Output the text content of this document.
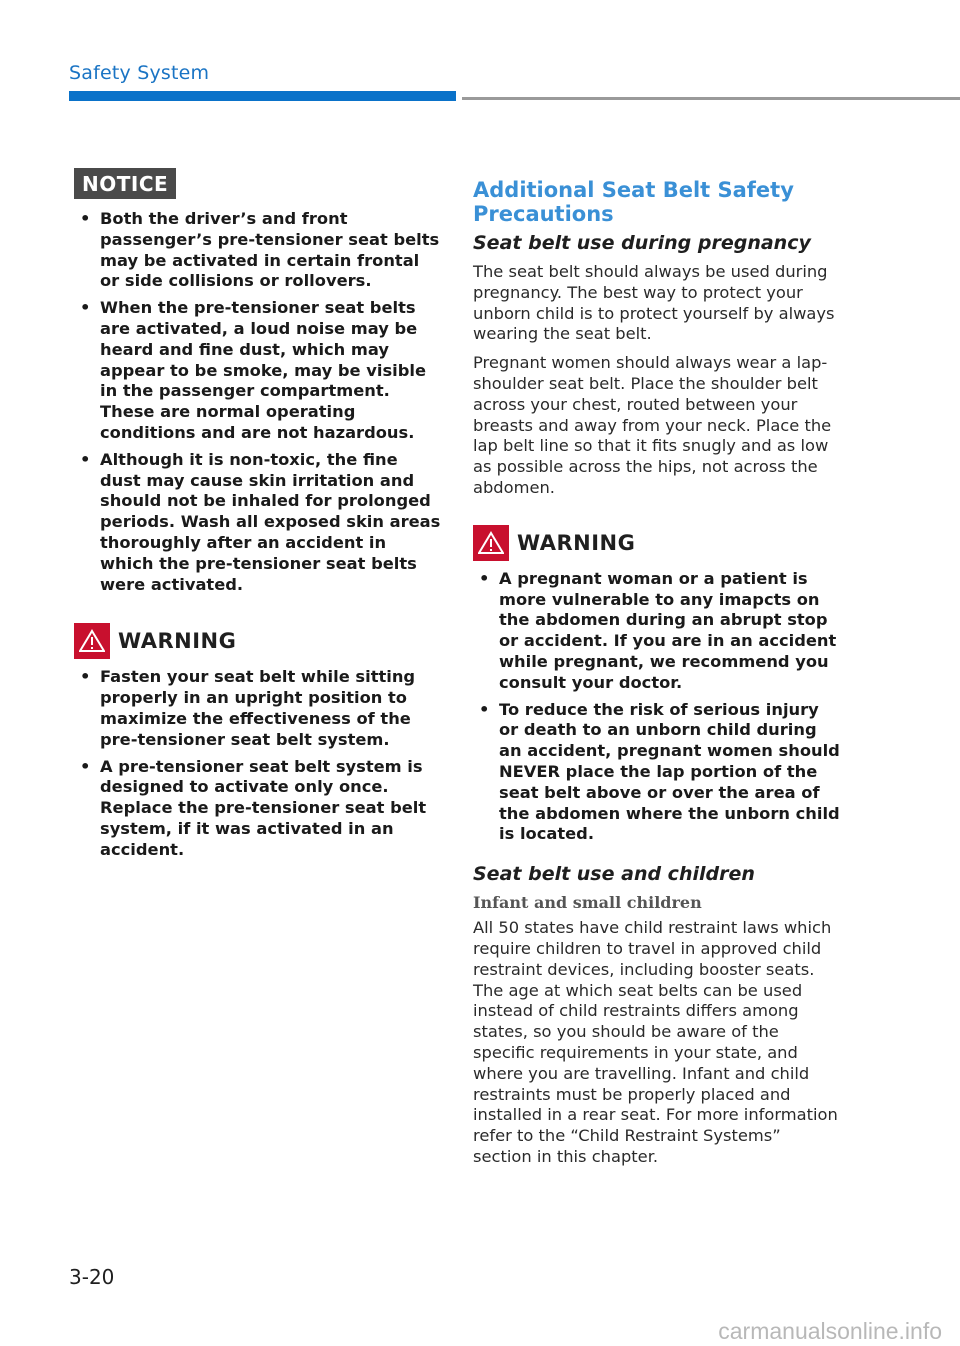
Safety System
NOTICE
• Both the driver’s and front passenger’s pre-tensioner seat belts may be activated in certain frontal or side collisions or rollovers.
• When the pre-tensioner seat belts are activated, a loud noise may be heard and fine dust, which may appear to be smoke, may be visible in the passenger compartment. These are normal operating conditions and are not hazardous.
• Although it is non-toxic, the fine dust may cause skin irritation and should not be inhaled for prolonged periods. Wash all exposed skin areas thoroughly after an accident in which the pre-tensioner seat belts were activated.
WARNING
• Fasten your seat belt while sitting properly in an upright position to maximize the effectiveness of the pre-tensioner seat belt system.
• A pre-tensioner seat belt system is designed to activate only once. Replace the pre-tensioner seat belt system, if it was activated in an accident.
Additional Seat Belt Safety Precautions
Seat belt use during pregnancy

The seat belt should always be used during pregnancy. The best way to protect your unborn child is to protect yourself by always wearing the seat belt.

Pregnant women should always wear a lap-shoulder seat belt. Place the shoulder belt across your chest, routed between your breasts and away from your neck. Place the lap belt line so that it fits snugly and as low as possible across the hips, not across the abdomen.

WARNING
• A pregnant woman or a patient is more vulnerable to any imapcts on the abdomen during an abrupt stop or accident. If you are in an accident while pregnant, we recommend you consult your doctor.
• To reduce the risk of serious injury or death to an unborn child during an accident, pregnant women should NEVER place the lap portion of the seat belt above or over the area of the abdomen where the unborn child is located.
Seat belt use and children
Infant and small children

All 50 states have child restraint laws which require children to travel in approved child restraint devices, including booster seats. The age at which seat belts can be used instead of child restraints differs among states, so you should be aware of the specific requirements in your state, and where you are travelling. Infant and child restraints must be properly placed and installed in a rear seat. For more information refer to the “Child Restraint Systems” section in this chapter.

3-20
carmanualsonline.info
